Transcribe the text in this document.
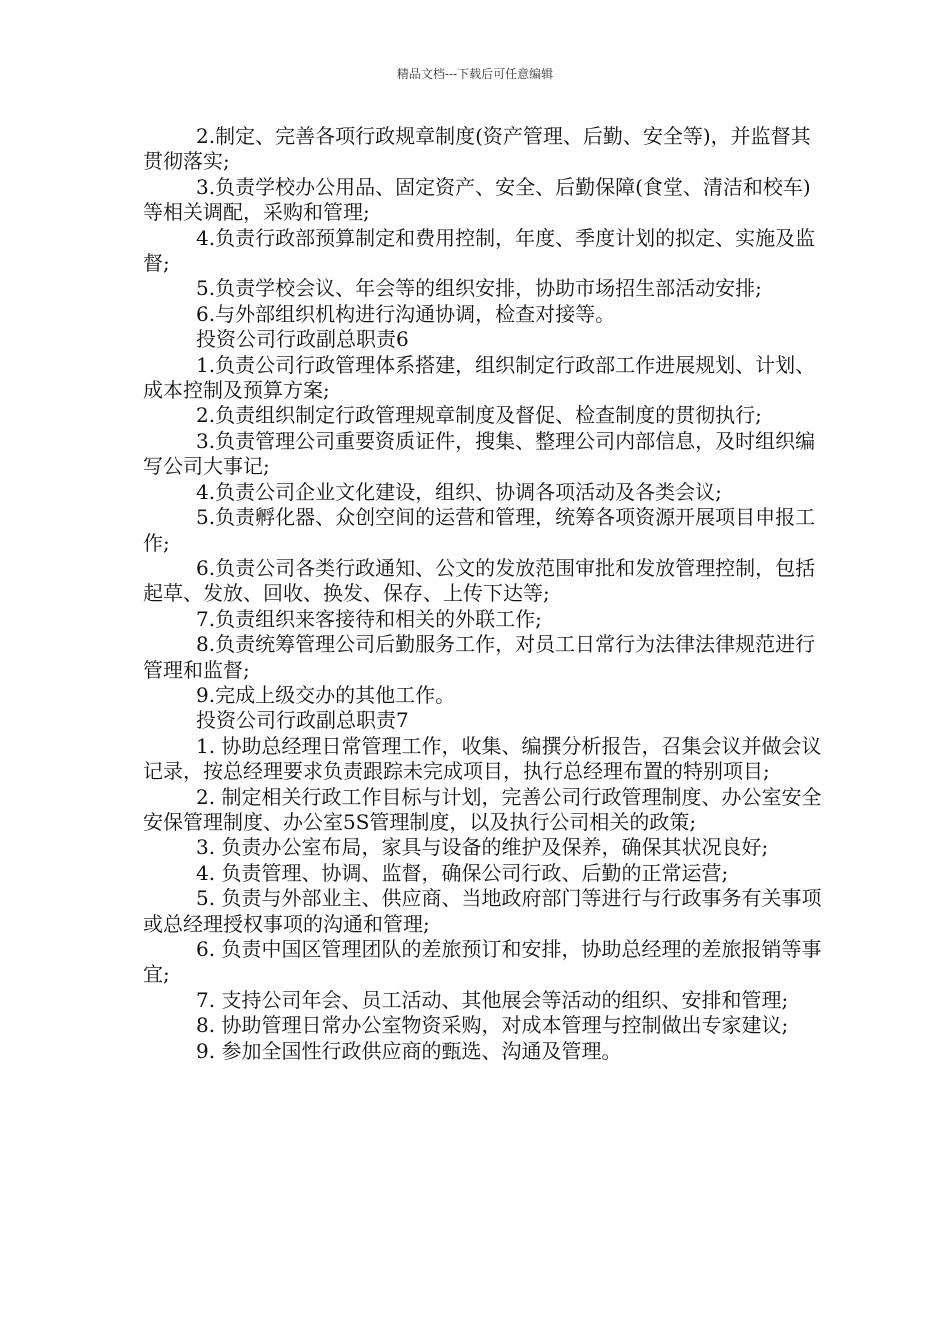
精品文档---下载后可任意编辑

2.制定、完善各项行政规章制度(资产管理、后勤、安全等)，并监督其贯彻落实;

3.负责学校办公用品、固定资产、安全、后勤保障(食堂、清洁和校车)等相关调配，采购和管理;

4.负责行政部预算制定和费用控制，年度、季度计划的拟定、实施及监督;

5.负责学校会议、年会等的组织安排，协助市场招生部活动安排;

6.与外部组织机构进行沟通协调，检查对接等。

投资公司行政副总职责6

1.负责公司行政管理体系搭建，组织制定行政部工作进展规划、计划、成本控制及预算方案;

2.负责组织制定行政管理规章制度及督促、检查制度的贯彻执行;

3.负责管理公司重要资质证件，搜集、整理公司内部信息，及时组织编写公司大事记;

4.负责公司企业文化建设，组织、协调各项活动及各类会议;

5.负责孵化器、众创空间的运营和管理，统筹各项资源开展项目申报工作;

6.负责公司各类行政通知、公文的发放范围审批和发放管理控制，包括起草、发放、回收、换发、保存、上传下达等;

7.负责组织来客接待和相关的外联工作;

8.负责统筹管理公司后勤服务工作，对员工日常行为法律法律规范进行管理和监督;

9.完成上级交办的其他工作。

投资公司行政副总职责7

1. 协助总经理日常管理工作，收集、编撰分析报告，召集会议并做会议记录，按总经理要求负责跟踪未完成项目，执行总经理布置的特别项目;

2. 制定相关行政工作目标与计划，完善公司行政管理制度、办公室安全安保管理制度、办公室5S管理制度，以及执行公司相关的政策;

3. 负责办公室布局，家具与设备的维护及保养，确保其状况良好;

4. 负责管理、协调、监督，确保公司行政、后勤的正常运营;

5. 负责与外部业主、供应商、当地政府部门等进行与行政事务有关事项或总经理授权事项的沟通和管理;

6. 负责中国区管理团队的差旅预订和安排，协助总经理的差旅报销等事宜;

7. 支持公司年会、员工活动、其他展会等活动的组织、安排和管理;

8. 协助管理日常办公室物资采购，对成本管理与控制做出专家建议;

9. 参加全国性行政供应商的甄选、沟通及管理。
